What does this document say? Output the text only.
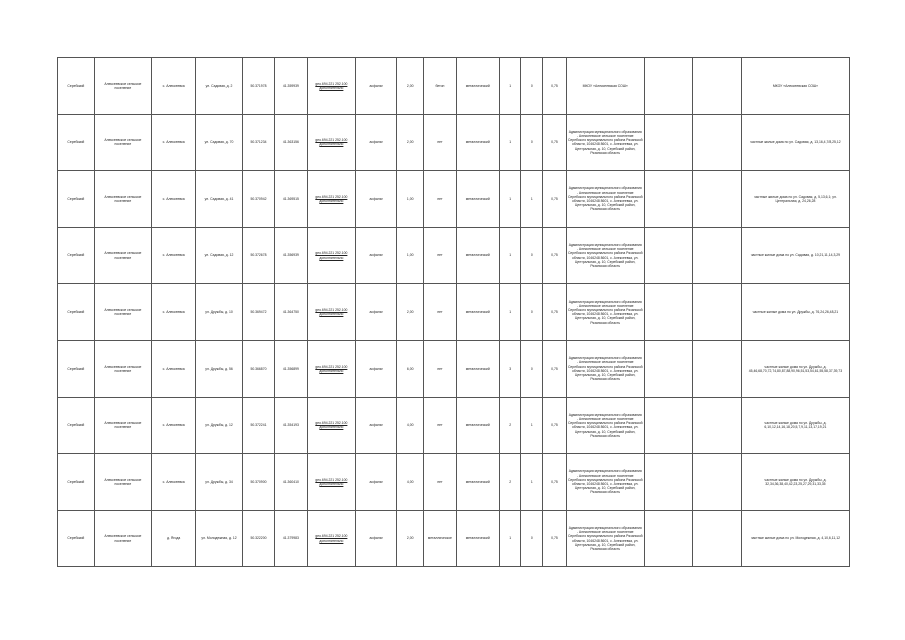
Серебский	Алексеевское сельское поселение	с. Алексеевка	ул. Садовая, д. 2	50.371978	41.359939	geo.694.221 252.100 дополнительно	асфальт	2,00	бетон	металлический	1	0	0,75	МКОУ «Алексеевская СОШ»			МКОУ «Алексеевская СОШ»
Серебский	Алексеевское сельское поселение	с. Алексеевка	ул. Садовая, д. 70	50.371234	41.363156	geo.694.221 252.100 дополнительно	асфальт	2,00	нет	металлический	1	0	0,75	Администрация муниципального образования - Алексеевское сельское поселение Серебского муниципального района Рязанской области, 1046248 8601, с. Алексеевка, ул. Центральная, д. 10, Серебский район, Рязанская область			частные жилые дома по ул. Садовая, д. 13,16,4,7/8,25,12
Серебский	Алексеевское сельское поселение	с. Алексеевка	ул. Садовая, д. 41	50.370942	41.369515	geo.694.221 252.100 дополнительно	асфальт	1,00	нет	металлический	1	1	0,75	Администрация муниципального образования - Алексеевское сельское поселение Серебского муниципального района Рязанской области, 1046248 8601, с. Алексеевка, ул. Центральная, д. 10, Серебский район, Рязанская область			частные жилые дома по ул. Садовая, д. 5,13,6,1; ул. Центральная, д. 24,26,28
Серебский	Алексеевское сельское поселение	с. Алексеевка	ул. Садовая, д. 12	50.372678	41.356939	geo.694.221 252.100 дополнительно	асфальт	1,00	нет	металлический	1	0	0,75	Администрация муниципального образования - Алексеевское сельское поселение Серебского муниципального района Рязанской области, 1046248 8601, с. Алексеевка, ул. Центральная, д. 10, Серебский район, Рязанская область			частные жилые дома по ул. Садовая, д. 10,21,11,14,3,29
Серебский	Алексеевское сельское поселение	с. Алексеевка	ул. Дружбы, д. 10	50.369472	41.364750	geo.694.221 252.100 дополнительно	асфальт	2,00	нет	металлический	1	0	0,75	Администрация муниципального образования - Алексеевское сельское поселение Серебского муниципального района Рязанской области, 1046248 8601, с. Алексеевка, ул. Центральная, д. 10, Серебский район, Рязанская область			частные жилые дома по ул. Дружбы, д. 76,24,26,48,21
Серебский	Алексеевское сельское поселение	с. Алексеевка	ул. Дружбы, д. 56	50.366870	41.356899	geo.694.221 252.100 дополнительно	асфальт	6,00	нет	металлический	3	0	0,75	Администрация муниципального образования - Алексеевское сельское поселение Серебского муниципального района Рязанской области, 1046248 8601, с. Алексеевка, ул. Центральная, д. 10, Серебский район, Рязанская область			частные жилые дома по ул. Дружбы, д. 45,46,68,70,72,74,80,87,88,90,96,51,53,54,61,55,58,37,39,73
Серебский	Алексеевское сельское поселение	с. Алексеевка	ул. Дружбы, д. 12	50.372241	41.354193	geo.694.221 252.100 дополнительно	асфальт	4,00	нет	металлический	2	1	0,75	Администрация муниципального образования - Алексеевское сельское поселение Серебского муниципального района Рязанской области, 1046248 8601, с. Алексеевка, ул. Центральная, д. 10, Серебский район, Рязанская область			частные жилые дома по ул. Дружбы, д. 6,10,12,14,16,18,20,5,7,9,11,13,17,19,21
Серебский	Алексеевское сельское поселение	с. Алексеевка	ул. Дружбы, д. 34	50.370900	41.360410	geo.694.221 252.100 дополнительно	асфальт	4,00	нет	металлический	2	1	0,75	Администрация муниципального образования - Алексеевское сельское поселение Серебского муниципального района Рязанской области, 1046248 8601, с. Алексеевка, ул. Центральная, д. 10, Серебский район, Рязанская область			частные жилые дома по ул. Дружбы, д. 32,34,36,38,40,42,23,25,27,29,31,33,35
Серебский	Алексеевское сельское поселение	д. Ягода	ул. Молодежная, д. 12	50.322200	41.379983	geo.694.221 252.100 дополнительно	асфальт	2,00	металлическое	металлический	1	0	0,75	Администрация муниципального образования - Алексеевское сельское поселение Серебского муниципального района Рязанской области, 1046248 8601, с. Алексеевка, ул. Центральная, д. 10, Серебский район, Рязанская область			частные жилые дома по ул. Молодежная, д. 4,10,6,11,12
